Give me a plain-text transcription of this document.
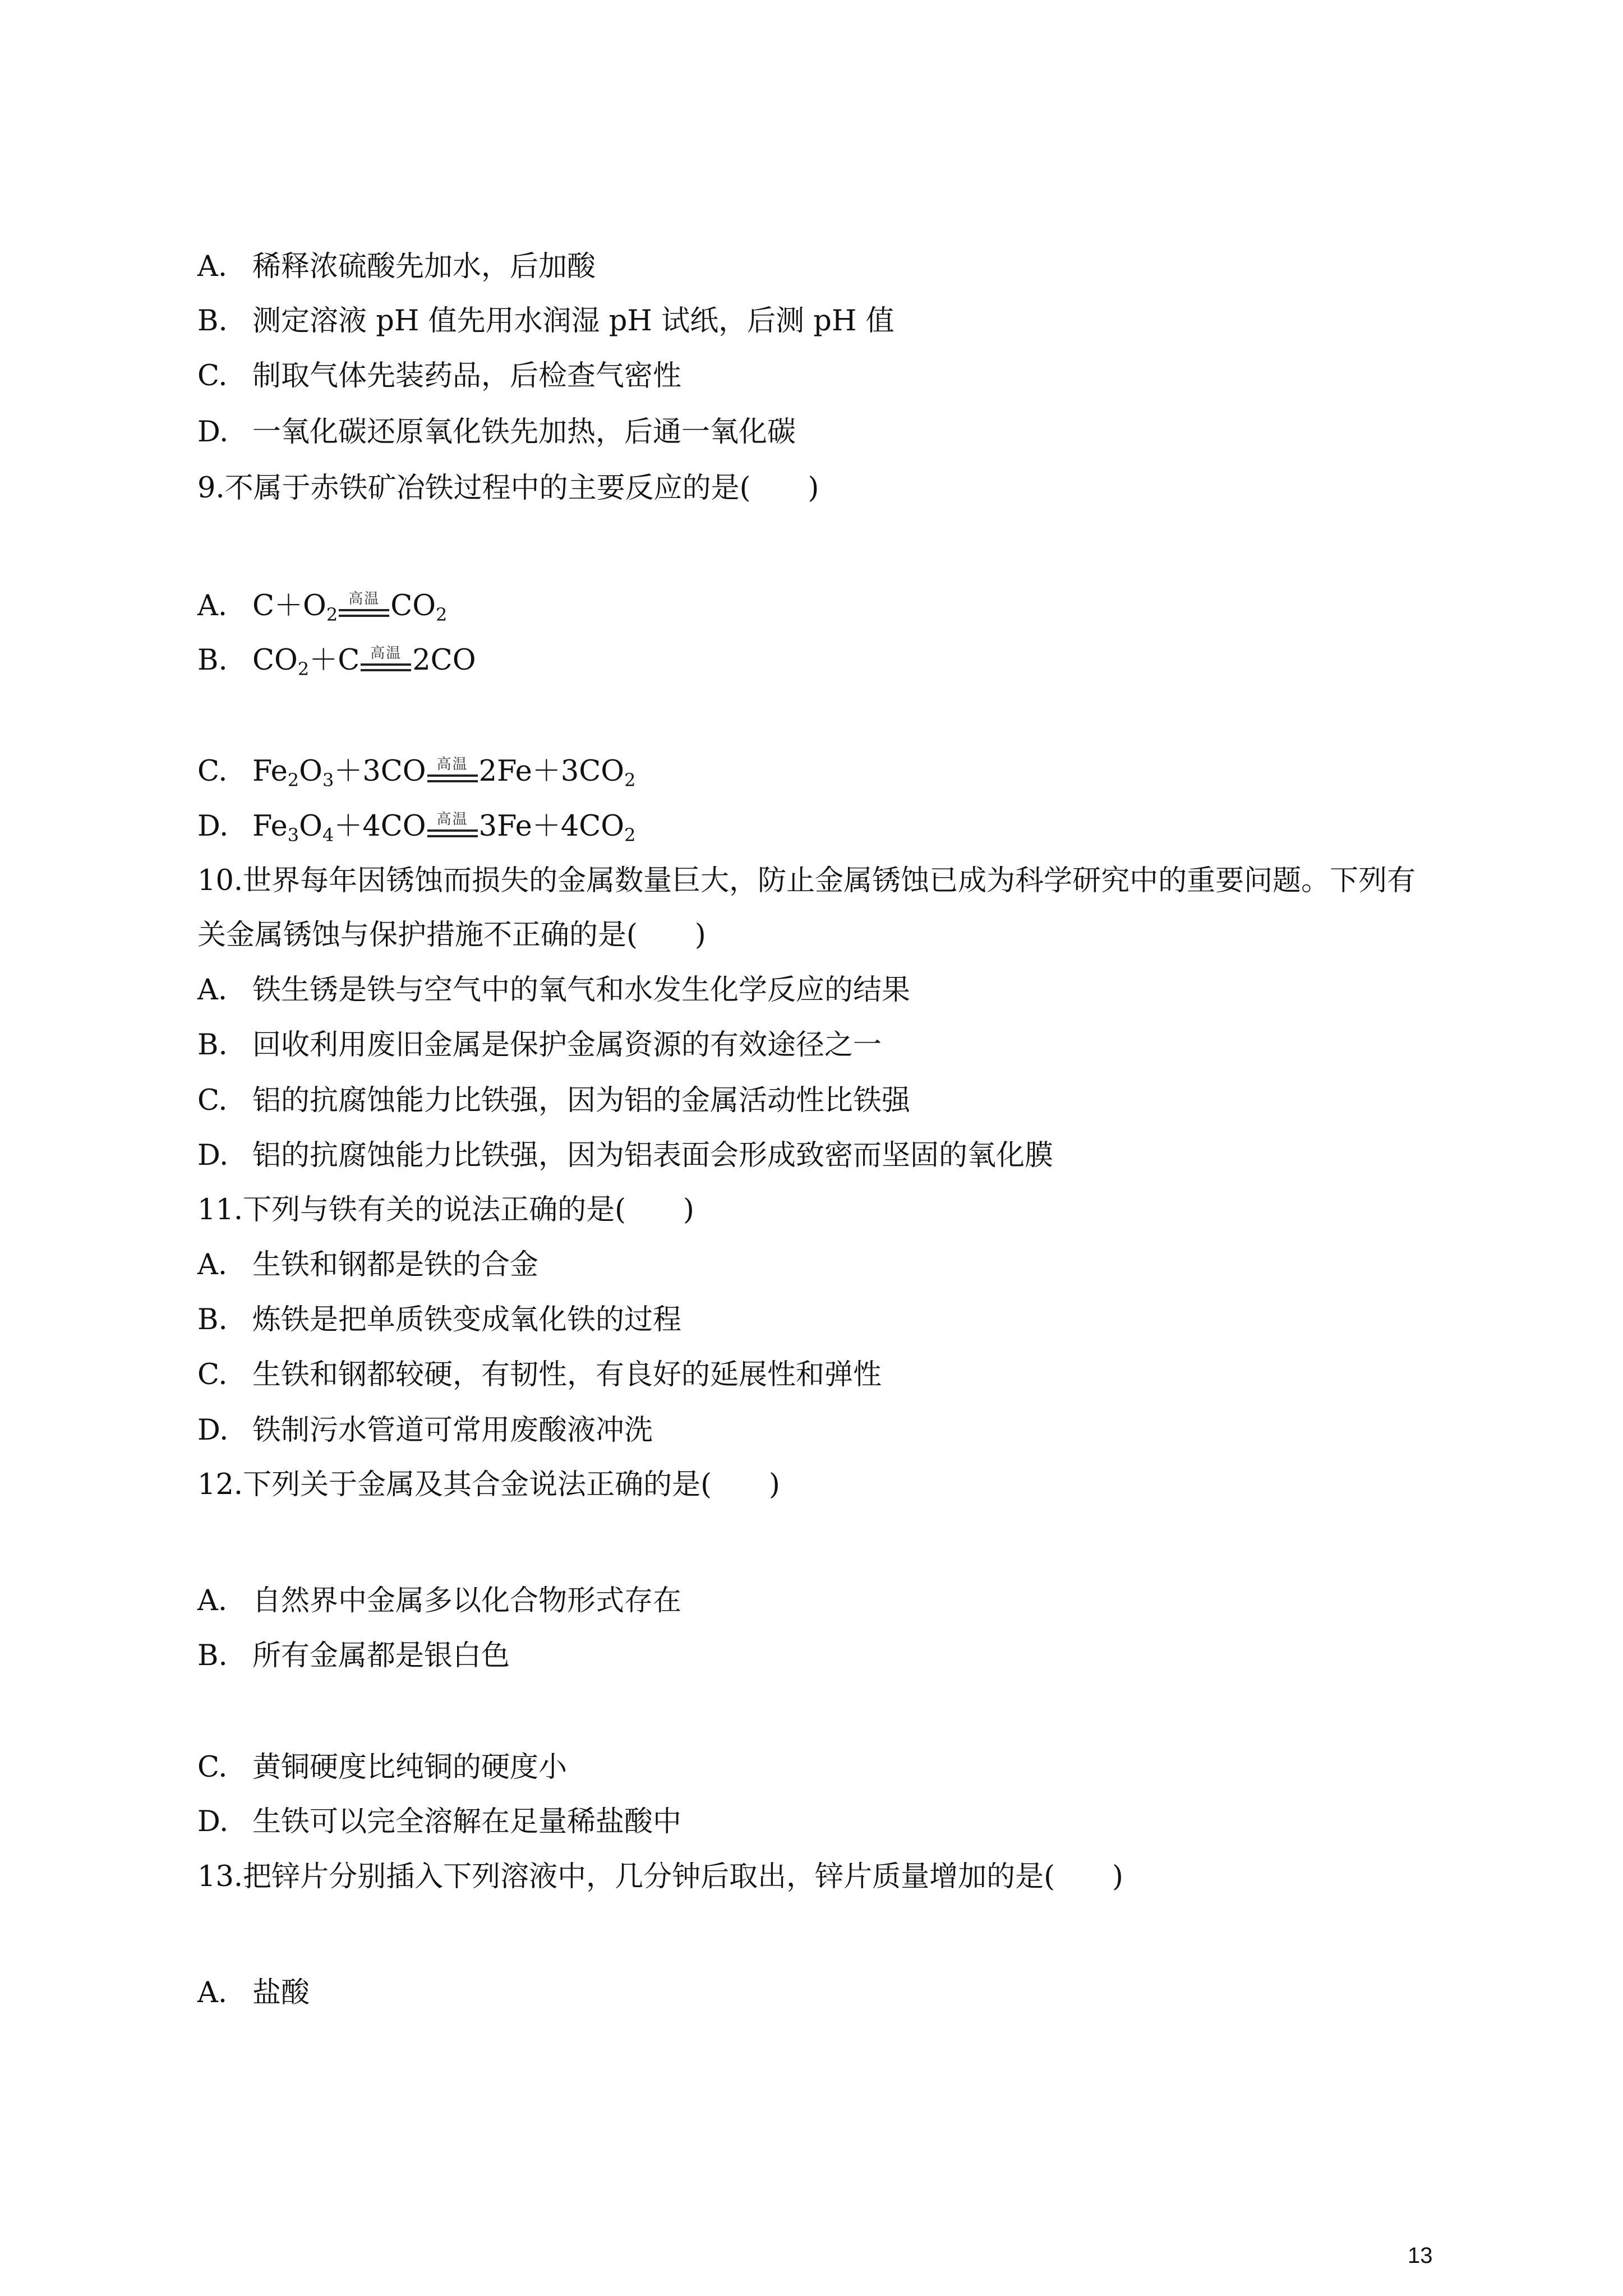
A. 稀释浓硫酸先加水，后加酸
B. 测定溶液 pH 值先用水润湿 pH 试纸，后测 pH 值
C. 制取气体先装药品，后检查气密性
D. 一氧化碳还原氧化铁先加热，后通一氧化碳
9.不属于赤铁矿冶铁过程中的主要反应的是(　　)
A. $C+O_2$
高温 $CO_2$
B. $CO_2+C$ 高温 2CO
C. $Fe_2O_3+3CO$ 高温 $2Fe+3CO_2$
D. $Fe_3O_4+4CO$ 高温 $3Fe+4CO_2$
10.世界每年因锈蚀而损失的金属数量巨大，防止金属锈蚀已成为科学研究中的重要问题。下列有
关金属锈蚀与保护措施不正确的是(　　)
A. 铁生锈是铁与空气中的氧气和水发生化学反应的结果
B. 回收利用废旧金属是保护金属资源的有效途径之一
C. 铝的抗腐蚀能力比铁强，因为铝的金属活动性比铁强
D. 铝的抗腐蚀能力比铁强，因为铝表面会形成致密而坚固的氧化膜
11.下列与铁有关的说法正确的是(　　)
A. 生铁和钢都是铁的合金
B. 炼铁是把单质铁变成氧化铁的过程
C. 生铁和钢都较硬，有韧性，有良好的延展性和弹性
D. 铁制污水管道可常用废酸液冲洗
12.下列关于金属及其合金说法正确的是(　　)
A. 自然界中金属多以化合物形式存在
B. 所有金属都是银白色
C. 黄铜硬度比纯铜的硬度小
D. 生铁可以完全溶解在足量稀盐酸中
13.把锌片分别插入下列溶液中，几分钟后取出，锌片质量增加的是(　　)
A. 盐酸
13
